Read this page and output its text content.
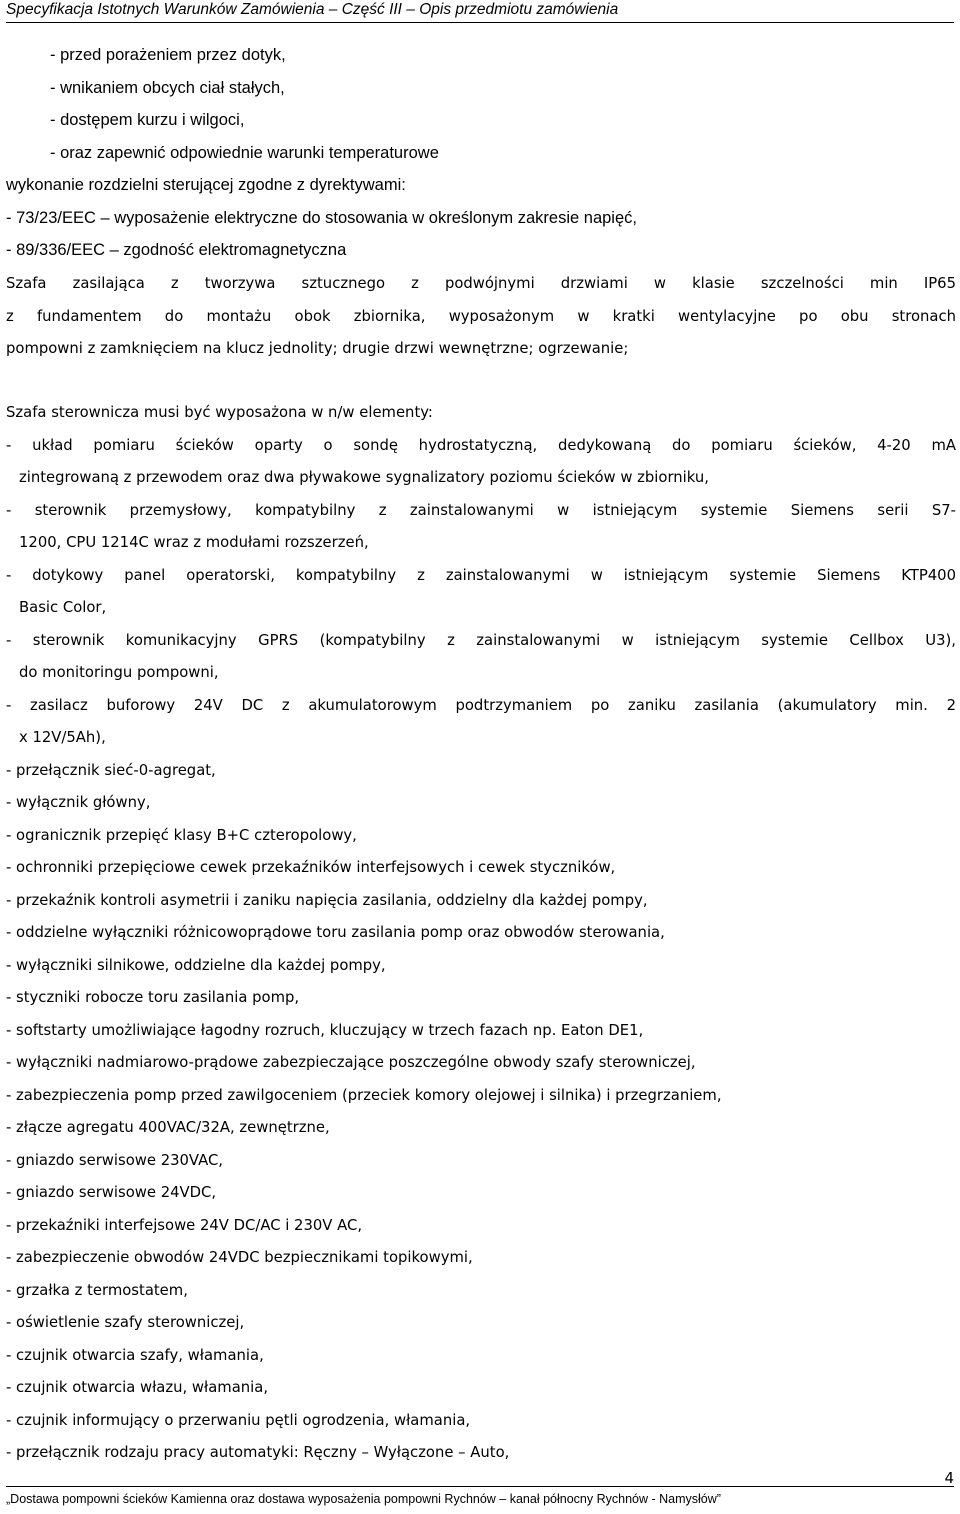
Specyfikacja Istotnych Warunków Zamówienia – Część III – Opis przedmiotu zamówienia
- przed porażeniem przez dotyk,
- wnikaniem obcych ciał stałych,
- dostępem kurzu i wilgoci,
- oraz zapewnić odpowiednie warunki temperaturowe
wykonanie rozdzielni sterującej zgodne z dyrektywami:
- 73/23/EEC – wyposażenie elektryczne do stosowania w określonym zakresie napięć,
- 89/336/EEC – zgodność elektromagnetyczna
Szafa zasilająca z tworzywa sztucznego z podwójnymi drzwiami w klasie szczelności min IP65
z fundamentem do montażu obok zbiornika, wyposażonym w kratki wentylacyjne po obu stronach
pompowni z zamknięciem na klucz jednolity; drugie drzwi wewnętrzne; ogrzewanie;
Szafa sterownicza musi być wyposażona w n/w elementy:
- układ pomiaru ścieków oparty o sondę hydrostatyczną, dedykowaną do pomiaru ścieków, 4-20 mA
zintegrowaną z przewodem oraz dwa pływakowe sygnalizatory poziomu ścieków w zbiorniku,
- sterownik przemysłowy, kompatybilny z zainstalowanymi w istniejącym systemie Siemens serii S7-
1200, CPU 1214C wraz z modułami rozszerzeń,
- dotykowy panel operatorski, kompatybilny z zainstalowanymi w istniejącym systemie Siemens KTP400
Basic Color,
- sterownik komunikacyjny GPRS (kompatybilny z zainstalowanymi w istniejącym systemie Cellbox U3),
do monitoringu pompowni,
- zasilacz buforowy 24V DC z akumulatorowym podtrzymaniem po zaniku zasilania (akumulatory min. 2
x 12V/5Ah),
- przełącznik sieć-0-agregat,
- wyłącznik główny,
- ogranicznik przepięć klasy B+C czteropolowy,
- ochronniki przepięciowe cewek przekaźników interfejsowych i cewek styczników,
- przekaźnik kontroli asymetrii i zaniku napięcia zasilania, oddzielny dla każdej pompy,
- oddzielne wyłączniki różnicowoprądowe toru zasilania pomp oraz obwodów sterowania,
- wyłączniki silnikowe, oddzielne dla każdej pompy,
- styczniki robocze toru zasilania pomp,
- softstarty umożliwiające łagodny rozruch, kluczujący w trzech fazach np. Eaton DE1,
- wyłączniki nadmiarowo-prądowe zabezpieczające poszczególne obwody szafy sterowniczej,
- zabezpieczenia pomp przed zawilgoceniem (przeciek komory olejowej i silnika) i przegrzaniem,
- złącze agregatu 400VAC/32A, zewnętrzne,
- gniazdo serwisowe 230VAC,
- gniazdo serwisowe 24VDC,
- przekaźniki interfejsowe 24V DC/AC i 230V AC,
- zabezpieczenie obwodów 24VDC bezpiecznikami topikowymi,
- grzałka z termostatem,
- oświetlenie szafy sterowniczej,
- czujnik otwarcia szafy, włamania,
- czujnik otwarcia włazu, włamania,
- czujnik informujący o przerwaniu pętli ogrodzenia, włamania,
- przełącznik rodzaju pracy automatyki: Ręczny – Wyłączone – Auto,
4
„Dostawa pompowni ścieków Kamienna oraz dostawa wyposażenia pompowni Rychnów – kanał północny Rychnów - Namysłów”
